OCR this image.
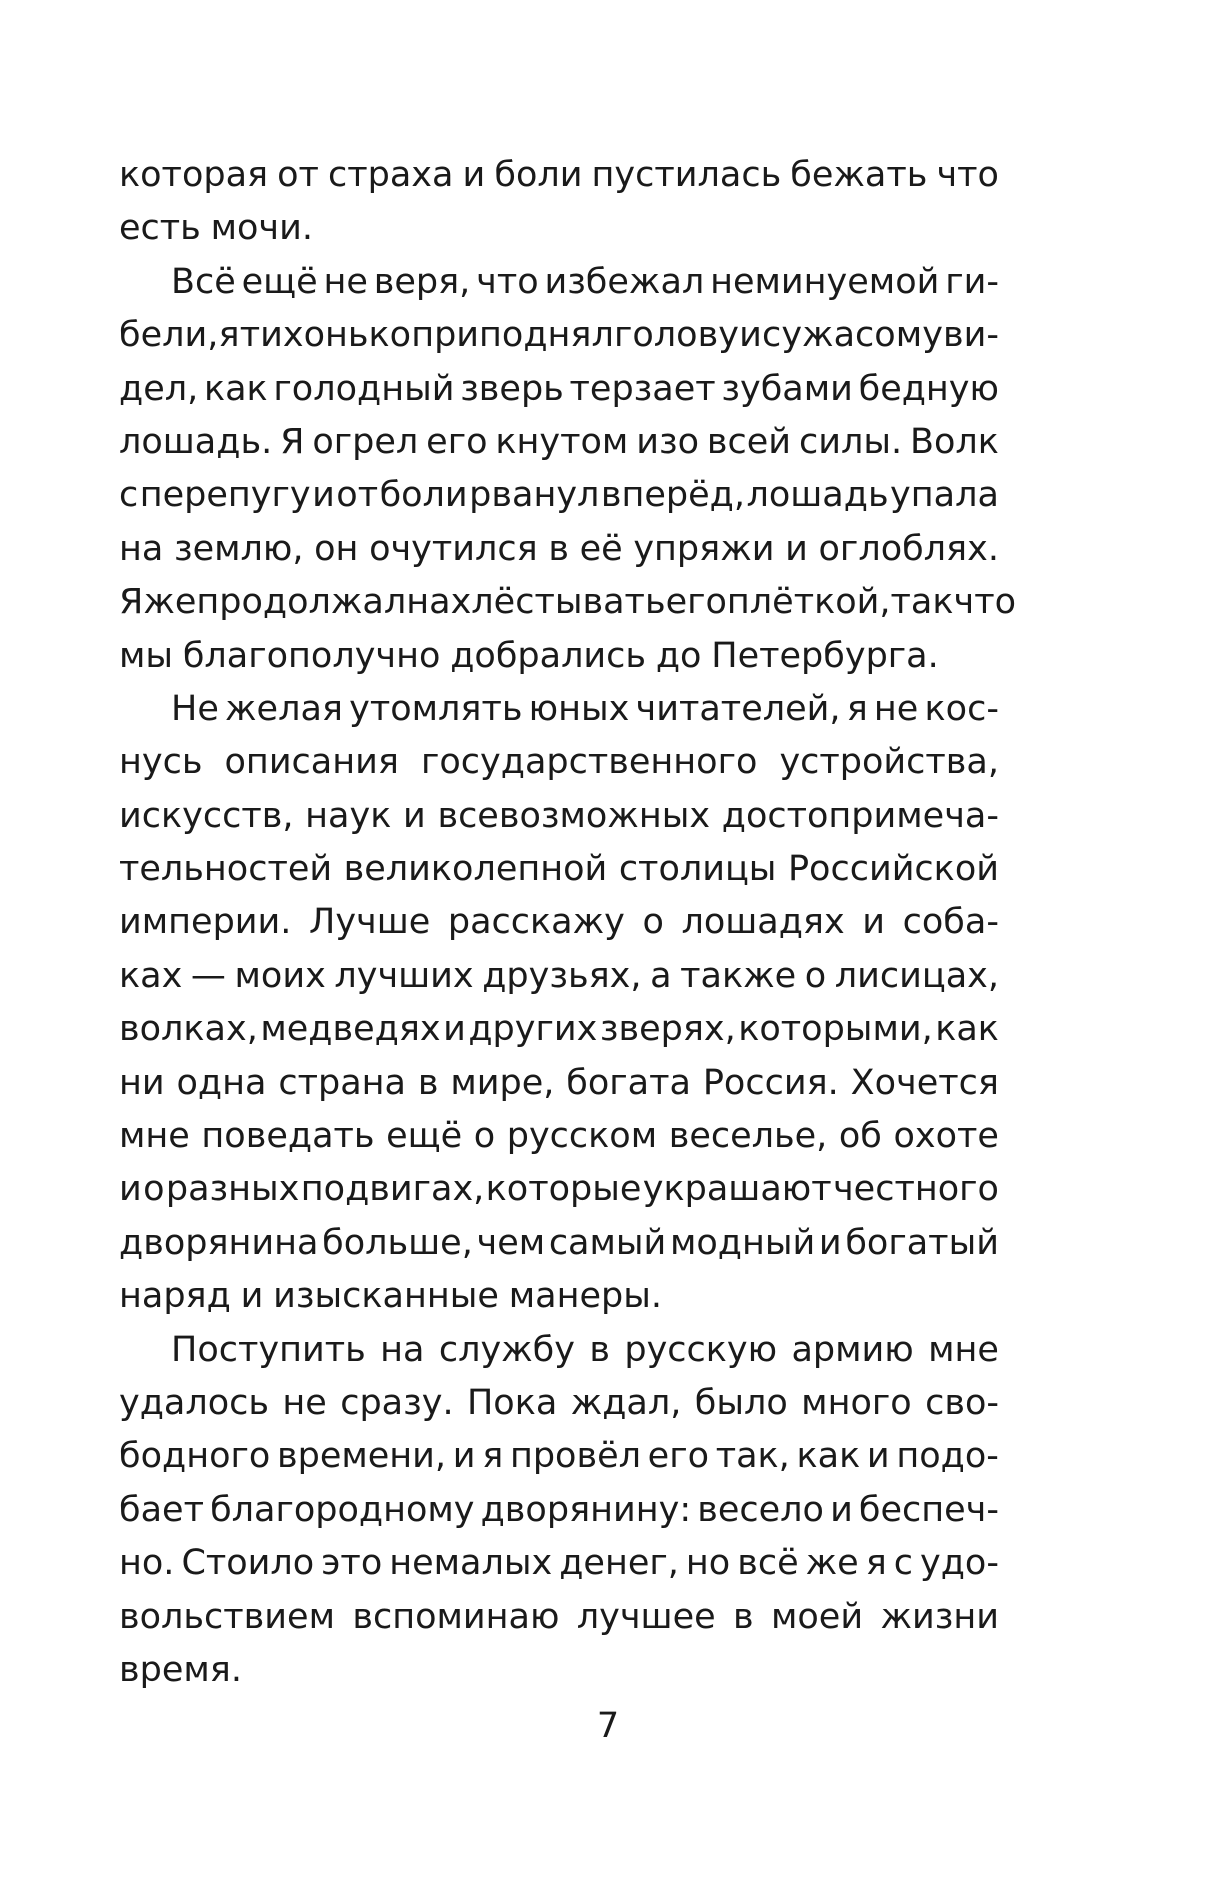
которая от страха и боли пустилась бежать что
есть мочи.
Всё ещё не веря, что избежал неминуемой ги-
бели, я тихонько приподнял голову и с ужасом уви-
дел, как голодный зверь терзает зубами бедную
лошадь. Я огрел его кнутом изо всей силы. Волк
с перепугу и от боли рванул вперёд, лошадь упала
на землю, он очутился в её упряжи и оглоблях.
Я же продолжал нахлёстывать его плёткой, так что
мы благополучно добрались до Петербурга.
Не желая утомлять юных читателей, я не кос-
нусь описания государственного устройства,
искусств, наук и всевозможных достопримеча-
тельностей великолепной столицы Российской
империи. Лучше расскажу о лошадях и соба-
ках — моих лучших друзьях, а также о лисицах,
волках, медведях и других зверях, которыми, как
ни одна страна в мире, богата Россия. Хочется
мне поведать ещё о русском веселье, об охоте
и о разных подвигах, которые украшают честного
дворянина больше, чем самый модный и богатый
наряд и изысканные манеры.
Поступить на службу в русскую армию мне
удалось не сразу. Пока ждал, было много сво-
бодного времени, и я провёл его так, как и подо-
бает благородному дворянину: весело и беспеч-
но. Стоило это немалых денег, но всё же я с удо-
вольствием вспоминаю лучшее в моей жизни
время.
7
